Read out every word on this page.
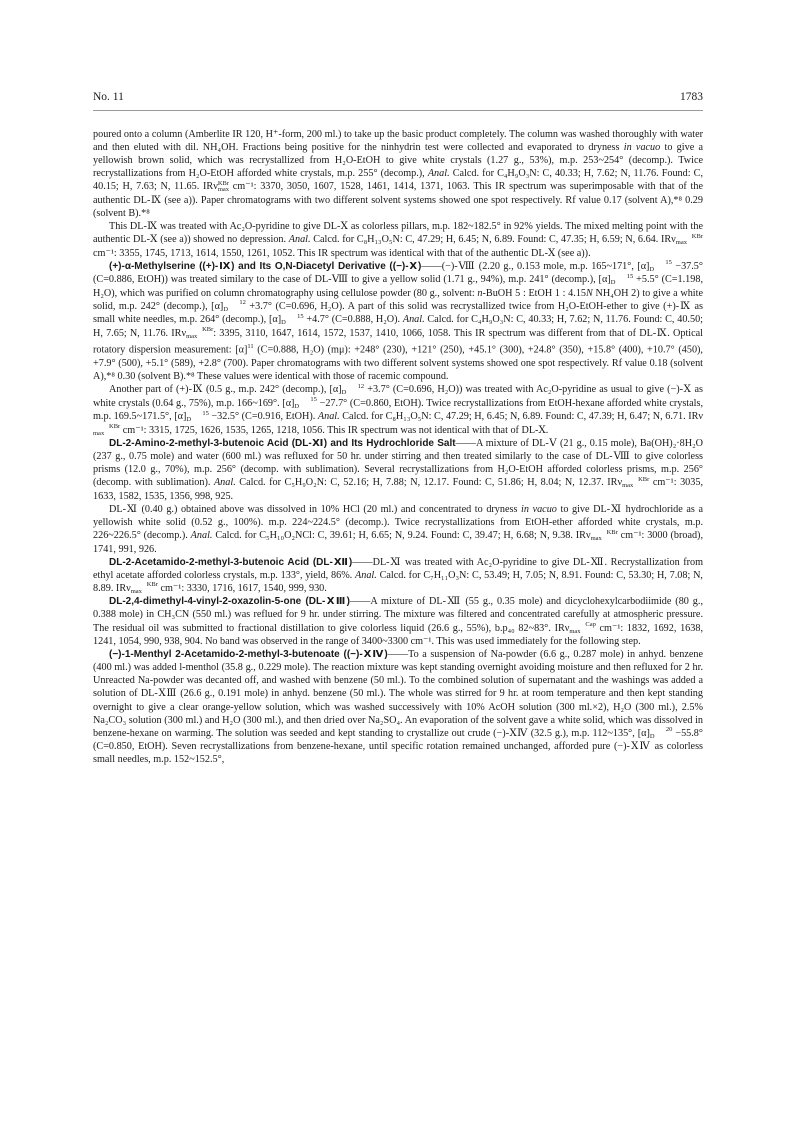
No. 11	1783

poured onto a column (Amberlite IR 120, H⁺-form, 200 ml.) to take up the basic product completely. The column was washed thoroughly with water and then eluted with dil. NH₄OH. Fractions being positive for the ninhydrin test were collected and evaporated to dryness in vacuo to give a yellowish brown solid, which was recrystallized from H₂O-EtOH to give white crystals (1.27 g., 53%), m.p. 253~254° (decomp.). Twice recrystallizations from H₂O-EtOH afforded white crystals, m.p. 255° (decomp.), Anal. Calcd. for C₄H₉O₃N: C, 40.33; H, 7.62; N, 11.76. Found: C, 40.15; H, 7.63; N, 11.65. IRνKBr
max cm⁻¹: 3370, 3050, 1607, 1528, 1461, 1414, 1371, 1063. This IR spectrum was superimposable with that of the authentic DL-Ⅸ (see a)). Paper chromatograms with two different solvent systems showed one spot respectively. Rf value 0.17 (solvent A),*⁸ 0.29 (solvent B).*⁸

This DL-Ⅸ was treated with Ac₂O-pyridine to give DL-Ⅹ as colorless pillars, m.p. 182~182.5° in 92% yields. The mixed melting point with the authentic DL-Ⅹ (see a)) showed no depression. Anal. Calcd. for C₈H₁₃O₅N: C, 47.29; H, 6.45; N, 6.89. Found: C, 47.35; H, 6.59; N, 6.64. IRν KBr
max cm⁻¹: 3355, 1745, 1713, 1614, 1550, 1261, 1052. This IR spectrum was identical with that of the authentic DL-Ⅹ (see a)).

(+)-α-Methylserine ((+)-Ⅸ) and Its O,N-Diacetyl Derivative ((−)-Ⅹ)——(−)-Ⅷ (2.20 g., 0.153 mole, m.p. 165~171°, [α] 15
D −37.5° (C=0.886, EtOH)) was treated similary to the case of DL-Ⅷ to give a yellow solid (1.71 g., 94%), m.p. 241° (decomp.), [α] 15
D +5.5° (C=1.198, H₂O), which was purified on column chromatography using cellulose powder (80 g., solvent: n-BuOH 5 : EtOH 1 : 4.15N NH₄OH 2) to give a white solid, m.p. 242° (decomp.), [α] 12
D +3.7° (C=0.696, H₂O). A part of this solid was recrystallized twice from H₂O-EtOH-ether to give (+)-Ⅸ as small white needles, m.p. 264° (decomp.), [α] 15
D +4.7° (C=0.888, H₂O). Anal. Calcd. for C₄H₉O₃N: C, 40.33; H, 7.62; N, 11.76. Found: C, 40.50; H, 7.65; N, 11.76. IRν KBr
max : 3395, 3110, 1647, 1614, 1572, 1537, 1410, 1066, 1058. This IR spectrum was different from that of DL-Ⅸ. Optical rotatory dispersion measurement: $[\alpha]^{11}$ (C=0.888, H₂O) (mμ): +248° (230), +121° (250), +45.1° (300), +24.8° (350), +15.8° (400), +10.7° (450), +7.9° (500), +5.1° (589), +2.8° (700). Paper chromatograms with two different solvent systems showed one spot respectively. Rf value 0.18 (solvent A),*⁸ 0.30 (solvent B).*⁸ These values were identical with those of racemic compound.

Another part of (+)-Ⅸ (0.5 g., m.p. 242° (decomp.), [α] 12
D +3.7° (C=0.696, H₂O)) was treated with Ac₂O-pyridine as usual to give (−)-Ⅹ as white crystals (0.64 g., 75%), m.p. 166~169°. [α] 15
D −27.7° (C=0.860, EtOH). Twice recrystallizations from EtOH-hexane afforded white crystals, m.p. 169.5~171.5°, [α] 15
D −32.5° (C=0.916, EtOH). Anal. Calcd. for C₈H₁₃O₅N: C, 47.29; H, 6.45; N, 6.89. Found: C, 47.39; H, 6.47; N, 6.71. IRνKBr
max cm⁻¹: 3315, 1725, 1626, 1535, 1265, 1218, 1056. This IR spectrum was not identical with that of DL-Ⅹ.

DL-2-Amino-2-methyl-3-butenoic Acid (DL-Ⅺ) and Its Hydrochloride Salt——A mixture of DL-Ⅴ (21 g., 0.15 mole), Ba(OH)₂·8H₂O (237 g., 0.75 mole) and water (600 ml.) was refluxed for 50 hr. under stirring and then treated similarly to the case of DL-Ⅷ to give colorless prisms (12.0 g., 70%), m.p. 256° (decomp. with sublimation). Several recrystallizations from H₂O-EtOH afforded colorless prisms, m.p. 256° (decomp. with sublimation). Anal. Calcd. for C₅H₉O₂N: C, 52.16; H, 7.88; N, 12.17. Found: C, 51.86; H, 8.04; N, 12.37. IRν KBr
max cm⁻¹: 3035, 1633, 1582, 1535, 1356, 998, 925.

DL-Ⅺ (0.40 g.) obtained above was dissolved in 10% HCl (20 ml.) and concentrated to dryness in vacuo to give DL-Ⅺ hydrochloride as a yellowish white solid (0.52 g., 100%). m.p. 224~224.5° (decomp.). Twice recrystallizations from EtOH-ether afforded white crystals, m.p. 226~226.5° (decomp.). Anal. Calcd. for C₅H₁₀O₂NCl: C, 39.61; H, 6.65; N, 9.24. Found: C, 39.47; H, 6.68; N, 9.38. IRν KBr
max cm⁻¹: 3000 (broad), 1741, 991, 926.

DL-2-Acetamido-2-methyl-3-butenoic Acid (DL-Ⅻ)——DL-Ⅺ was treated with Ac₂O-pyridine to give DL-Ⅻ. Recrystallization from ethyl acetate afforded colorless crystals, m.p. 133°, yield, 86%. Anal. Calcd. for C₇H₁₁O₃N: C, 53.49; H, 7.05; N, 8.91. Found: C, 53.30; H, 7.08; N, 8.89. IRν KBr
max cm⁻¹: 3330, 1716, 1617, 1540, 999, 930.

DL-2,4-dimethyl-4-vinyl-2-oxazolin-5-one (DL-ⅩⅢ)——A mixture of DL-Ⅻ (55 g., 0.35 mole) and dicyclohexylcarbodiimide (80 g., 0.388 mole) in CH₃CN (550 ml.) was reflued for 9 hr. under stirring. The mixture was filtered and concentrated carefully at atmospheric pressure. The residual oil was submitted to fractional distillation to give colorless liquid (26.6 g., 55%), b.p₄₀ 82~83°. IRν Cap
max cm⁻¹: 1832, 1692, 1638, 1241, 1054, 990, 938, 904. No band was observed in the range of 3400~3300 cm⁻¹. This was used immediately for the following step.

(−)-1-Menthyl 2-Acetamido-2-methyl-3-butenoate ((−)-ⅩⅣ)——To a suspension of Na-powder (6.6 g., 0.287 mole) in anhyd. benzene (400 ml.) was added l-menthol (35.8 g., 0.229 mole). The reaction mixture was kept standing overnight avoiding moisture and then refluxed for 2 hr. Unreacted Na-powder was decanted off, and washed with benzene (50 ml.). To the combined solution of supernatant and the washings was added a solution of DL-ⅩⅢ (26.6 g., 0.191 mole) in anhyd. benzene (50 ml.). The whole was stirred for 9 hr. at room temperature and then kept standing overnight to give a clear orange-yellow solution, which was washed successively with 10% AcOH solution (300 ml.×2), H₂O (300 ml.), 2.5% Na₂CO₃ solution (300 ml.) and H₂O (300 ml.), and then dried over Na₂SO₄. An evaporation of the solvent gave a white solid, which was dissolved in benzene-hexane on warming. The solution was seeded and kept standing to crystallize out crude (−)-ⅩⅣ (32.5 g.), m.p. 112~135°, [α] 20
D −55.8° (C=0.850, EtOH). Seven recrystallizations from benzene-hexane, until specific rotation remained unchanged, afforded pure (−)-ⅩⅣ as colorless small needles, m.p. 152~152.5°,
